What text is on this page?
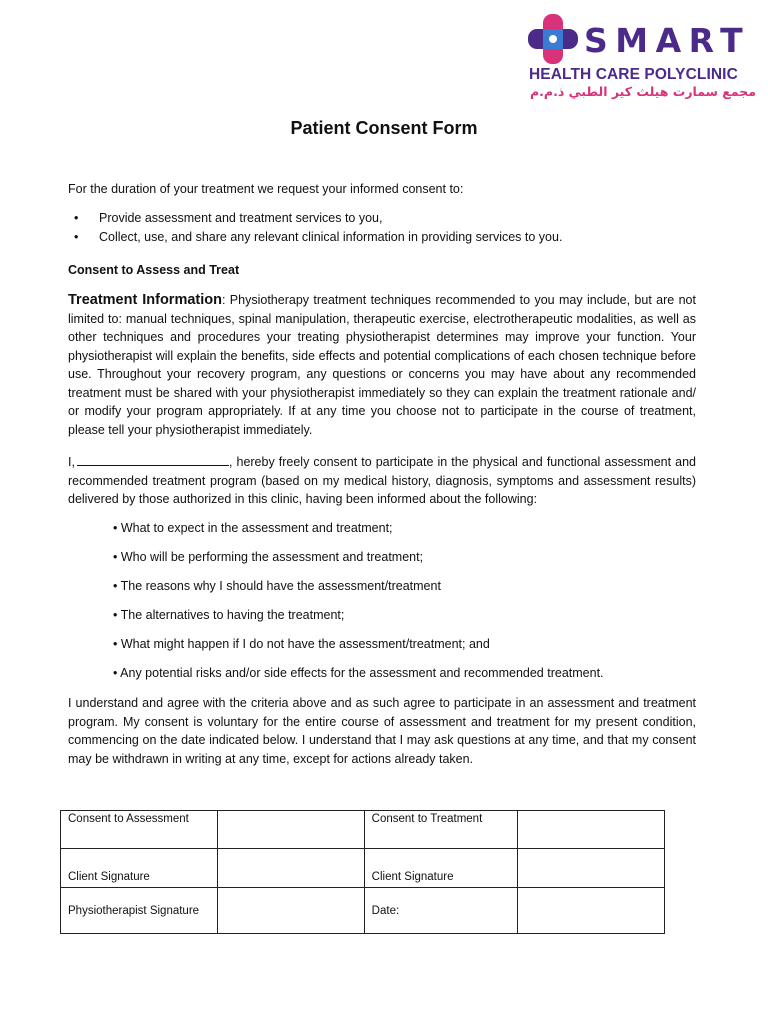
SMART
HEALTH CARE POLYCLINIC
مجمع سمارت هيلث كير الطبي ذ.م.م
Patient Consent Form

For the duration of your treatment we request your informed consent to:

• Provide assessment and treatment services to you,
• Collect, use, and share any relevant clinical information in providing services to you.

Consent to Assess and Treat

Treatment Information: Physiotherapy treatment techniques recommended to you may include, but are not limited to: manual techniques, spinal manipulation, therapeutic exercise, electrotherapeutic modalities, as well as other techniques and procedures your treating physiotherapist determines may improve your function. Your physiotherapist will explain the benefits, side effects and potential complications of each chosen technique before use. Throughout your recovery program, any questions or concerns you may have about any recommended treatment must be shared with your physiotherapist immediately so they can explain the treatment rationale and/ or modify your program appropriately. If at any time you choose not to participate in the course of treatment, please tell your physiotherapist immediately.

I,	, hereby freely consent to participate in the physical and functional assessment and recommended treatment program (based on my medical history, diagnosis, symptoms and assessment results) delivered by those authorized in this clinic, having been informed about the following:

• What to expect in the assessment and treatment;
• Who will be performing the assessment and treatment;
• The reasons why I should have the assessment/treatment
• The alternatives to having the treatment;
• What might happen if I do not have the assessment/treatment; and
• Any potential risks and/or side effects for the assessment and recommended treatment.

I understand and agree with the criteria above and as such agree to participate in an assessment and treatment program. My consent is voluntary for the entire course of assessment and treatment for my present condition, commencing on the date indicated below. I understand that I may ask questions at any time, and that my consent may be withdrawn in writing at any time, except for actions already taken.

Consent to Assessment		Consent to Treatment	
Client Signature		Client Signature	
Physiotherapist Signature		Date:	
